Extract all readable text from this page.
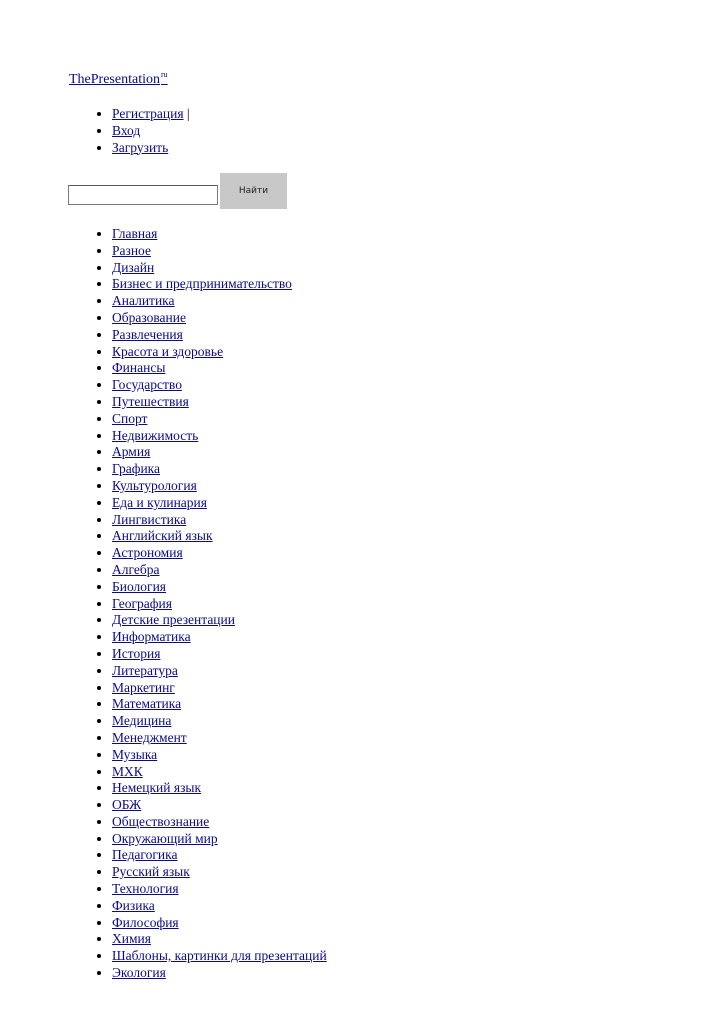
ThePresentation$^{ru}$
• Регистрация |
• Вход
• Загрузить
Найти
• Главная
• Разное
• Дизайн
• Бизнес и предпринимательство
• Аналитика
• Образование
• Развлечения
• Красота и здоровье
• Финансы
• Государство
• Путешествия
• Спорт
• Недвижимость
• Армия
• Графика
• Культурология
• Еда и кулинария
• Лингвистика
• Английский язык
• Астрономия
• Алгебра
• Биология
• География
• Детские презентации
• Информатика
• История
• Литература
• Маркетинг
• Математика
• Медицина
• Менеджмент
• Музыка
• МХК
• Немецкий язык
• ОБЖ
• Обществознание
• Окружающий мир
• Педагогика
• Русский язык
• Технология
• Физика
• Философия
• Химия
• Шаблоны, картинки для презентаций
• Экология
